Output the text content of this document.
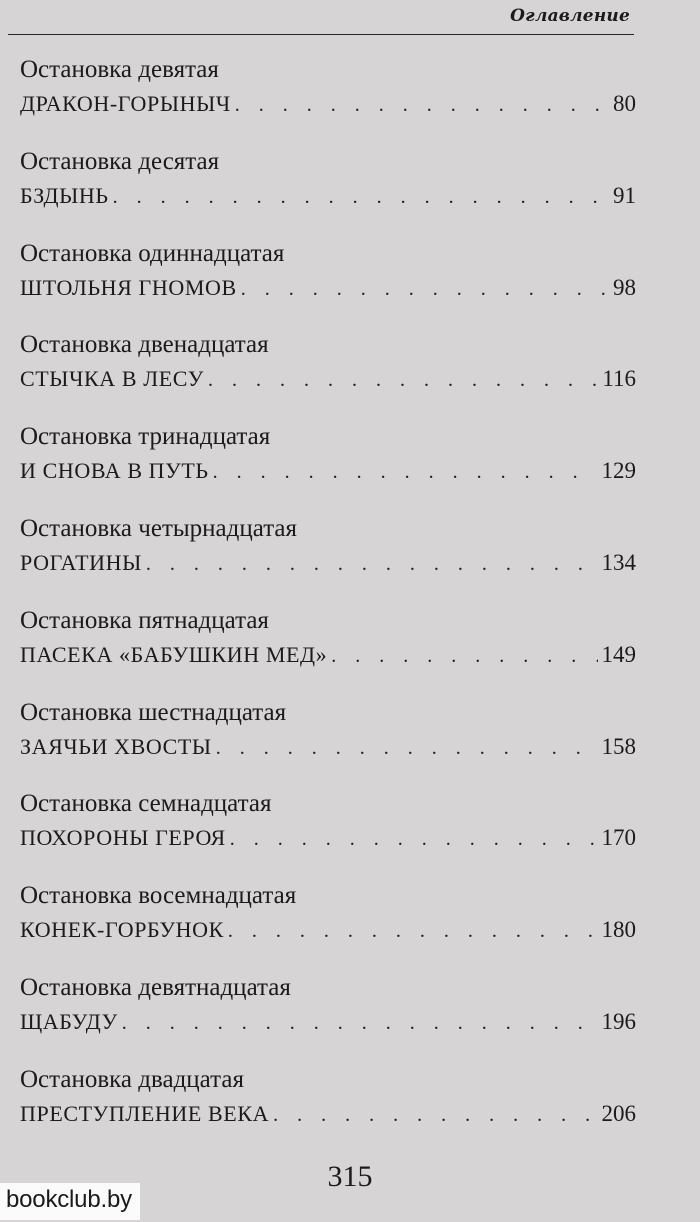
Оглавление
Остановка девятая
ДРАКОН-ГОРЫНЫЧ . . .	80
Остановка десятая
БЗДЫНЬ . . .	91
Остановка одиннадцатая
ШТОЛЬНЯ ГНОМОВ . . .	98
Остановка двенадцатая
СТЫЧКА В ЛЕСУ . . .	116
Остановка тринадцатая
И СНОВА В ПУТЬ . . .	129
Остановка четырнадцатая
РОГАТИНЫ . . .	134
Остановка пятнадцатая
ПАСЕКА «БАБУШКИН МЕД» . . .	149
Остановка шестнадцатая
ЗАЯЧЬИ ХВОСТЫ . . .	158
Остановка семнадцатая
ПОХОРОНЫ ГЕРОЯ . . .	170
Остановка восемнадцатая
КОНЕК-ГОРБУНОК . . .	180
Остановка девятнадцатая
ЩАБУДУ . . .	196
Остановка двадцатая
ПРЕСТУПЛЕНИЕ ВЕКА . . .	206
315
bookclub.by
